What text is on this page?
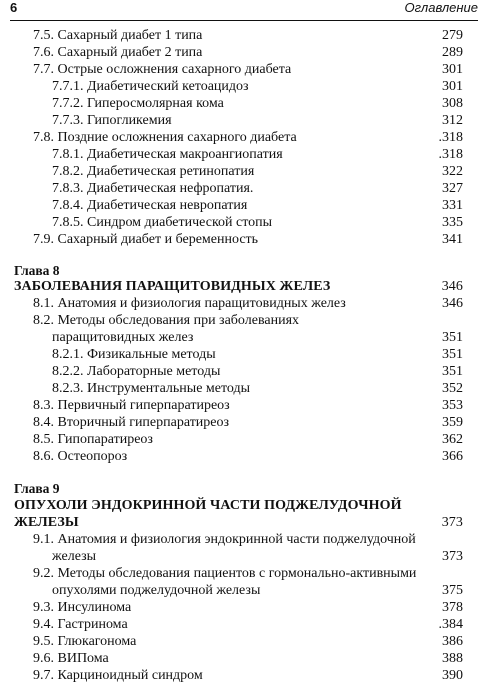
6	Оглавление
7.5. Сахарный диабет 1 типа	279
7.6. Сахарный диабет 2 типа	289
7.7. Острые осложнения сахарного диабета	301
7.7.1. Диабетический кетоацидоз	301
7.7.2. Гиперосмолярная кома	308
7.7.3. Гипогликемия	312
7.8. Поздние осложнения сахарного диабета	.318
7.8.1. Диабетическая макроангиопатия	.318
7.8.2. Диабетическая ретинопатия	322
7.8.3. Диабетическая нефропатия.	327
7.8.4. Диабетическая невропатия	331
7.8.5. Синдром диабетической стопы	335
7.9. Сахарный диабет и беременность	341
Глава 8
ЗАБОЛЕВАНИЯ ПАРАЩИТОВИДНЫХ ЖЕЛЕЗ	346
8.1. Анатомия и физиология паращитовидных желез	346
8.2. Методы обследования при заболеваниях
паращитовидных желез	351
8.2.1. Физикальные методы	351
8.2.2. Лабораторные методы	351
8.2.3. Инструментальные методы	352
8.3. Первичный гиперпаратиреоз	353
8.4. Вторичный гиперпаратиреоз	359
8.5. Гипопаратиреоз	362
8.6. Остеопороз	366
Глава 9
ОПУХОЛИ ЭНДОКРИННОЙ ЧАСТИ ПОДЖЕЛУДОЧНОЙ
ЖЕЛЕЗЫ	373
9.1. Анатомия и физиология эндокринной части поджелудочной
железы	373
9.2. Методы обследования пациентов с гормонально-активными
опухолями поджелудочной железы	375
9.3. Инсулинома	378
9.4. Гастринома	.384
9.5. Глюкагонома	386
9.6. ВИПома	388
9.7. Карциноидный синдром	390
